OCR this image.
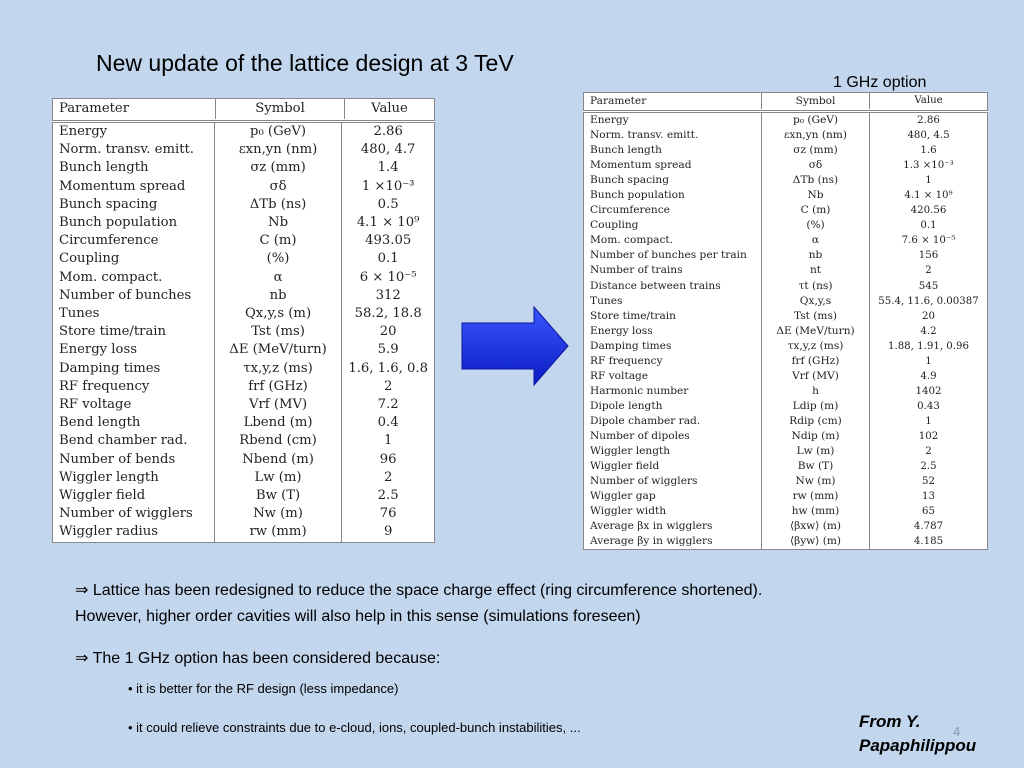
New update of the lattice design at 3 TeV
1 GHz option
Parameter	Symbol	Value
Energy	p₀ (GeV)	2.86
Norm. transv. emitt.	εxn,yn (nm)	480, 4.7
Bunch length	σz (mm)	1.4
Momentum spread	σδ	1 ×10⁻³
Bunch spacing	ΔTb (ns)	0.5
Bunch population	Nb	4.1 × 10⁹
Circumference	C (m)	493.05
Coupling	(%)	0.1
Mom. compact.	α	6 × 10⁻⁵
Number of bunches	nb	312
Tunes	Qx,y,s (m)	58.2, 18.8
Store time/train	Tst (ms)	20
Energy loss	ΔE (MeV/turn)	5.9
Damping times	τx,y,z (ms)	1.6, 1.6, 0.8
RF frequency	frf (GHz)	2
RF voltage	Vrf (MV)	7.2
Bend length	Lbend (m)	0.4
Bend chamber rad.	Rbend (cm)	1
Number of bends	Nbend (m)	96
Wiggler length	Lw (m)	2
Wiggler field	Bw (T)	2.5
Number of wigglers	Nw (m)	76
Wiggler radius	rw (mm)	9
Parameter	Symbol	Value
Energy	p₀ (GeV)	2.86
Norm. transv. emitt.	εxn,yn (nm)	480, 4.5
Bunch length	σz (mm)	1.6
Momentum spread	σδ	1.3 ×10⁻³
Bunch spacing	ΔTb (ns)	1
Bunch population	Nb	4.1 × 10⁹
Circumference	C (m)	420.56
Coupling	(%)	0.1
Mom. compact.	α	7.6 × 10⁻⁵
Number of bunches per train	nb	156
Number of trains	nt	2
Distance between trains	τt (ns)	545
Tunes	Qx,y,s	55.4, 11.6, 0.00387
Store time/train	Tst (ms)	20
Energy loss	ΔE (MeV/turn)	4.2
Damping times	τx,y,z (ms)	1.88, 1.91, 0.96
RF frequency	frf (GHz)	1
RF voltage	Vrf (MV)	4.9
Harmonic number	h	1402
Dipole length	Ldip (m)	0.43
Dipole chamber rad.	Rdip (cm)	1
Number of dipoles	Ndip (m)	102
Wiggler length	Lw (m)	2
Wiggler field	Bw (T)	2.5
Number of wigglers	Nw (m)	52
Wiggler gap	rw (mm)	13
Wiggler width	hw (mm)	65
Average βx in wigglers	⟨βxw⟩ (m)	4.787
Average βy in wigglers	⟨βyw⟩ (m)	4.185

⇒ Lattice has been redesigned to reduce the space charge effect (ring circumference shortened).

However, higher order cavities will also help in this sense (simulations foreseen)

⇒ The 1 GHz option has been considered because:
• it is better for the RF design (less impedance)
• it could relieve constraints due to e-cloud, ions, coupled-bunch instabilities, ...	From Y.
Papaphilippou
4
